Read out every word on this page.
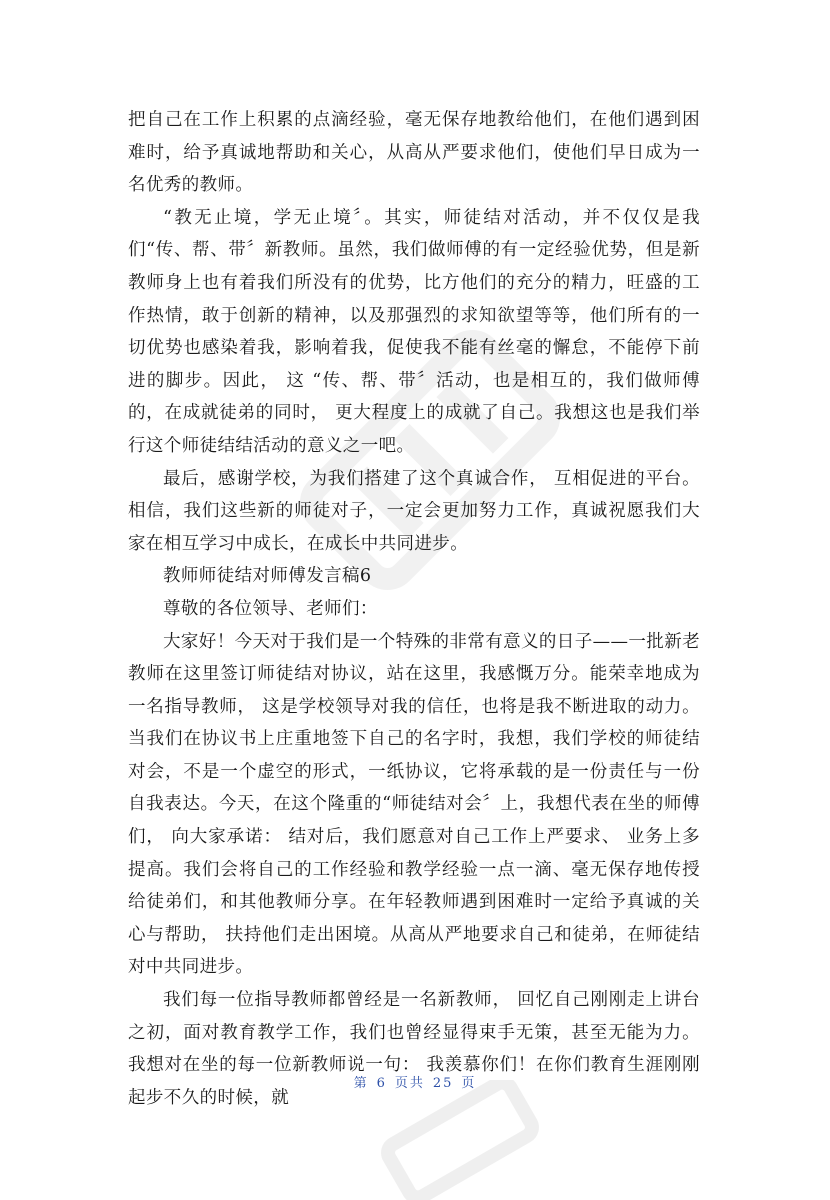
把自己在工作上积累的点滴经验，毫无保存地教给他们，在他们遇到困难时，给予真诚地帮助和关心，从高从严要求他们，使他们早日成为一名优秀的教师。

“教无止境，学无止境〞。其实，师徒结对活动，并不仅仅是我们“传、帮、带〞新教师。虽然，我们做师傅的有一定经验优势，但是新教师身上也有着我们所没有的优势，比方他们的充分的精力，旺盛的工作热情，敢于创新的精神，以及那强烈的求知欲望等等，他们所有的一切优势也感染着我，影响着我，促使我不能有丝毫的懈怠，不能停下前进的脚步。因此， 这 “传、帮、带〞活动，也是相互的，我们做师傅的，在成就徒弟的同时， 更大程度上的成就了自己。我想这也是我们举行这个师徒结结活动的意义之一吧。

最后，感谢学校，为我们搭建了这个真诚合作， 互相促进的平台。相信，我们这些新的师徒对子，一定会更加努力工作，真诚祝愿我们大家在相互学习中成长，在成长中共同进步。

教师师徒结对师傅发言稿6

尊敬的各位领导、老师们：

大家好！今天对于我们是一个特殊的非常有意义的日子——一批新老教师在这里签订师徒结对协议，站在这里，我感慨万分。能荣幸地成为一名指导教师， 这是学校领导对我的信任，也将是我不断进取的动力。 当我们在协议书上庄重地签下自己的名字时，我想，我们学校的师徒结对会，不是一个虚空的形式，一纸协议，它将承载的是一份责任与一份自我表达。今天，在这个隆重的“师徒结对会〞上，我想代表在坐的师傅们， 向大家承诺： 结对后，我们愿意对自己工作上严要求、 业务上多提高。我们会将自己的工作经验和教学经验一点一滴、毫无保存地传授给徒弟们，和其他教师分享。在年轻教师遇到困难时一定给予真诚的关心与帮助， 扶持他们走出困境。从高从严地要求自己和徒弟，在师徒结对中共同进步。

我们每一位指导教师都曾经是一名新教师， 回忆自己刚刚走上讲台之初，面对教育教学工作，我们也曾经显得束手无策，甚至无能为力。我想对在坐的每一位新教师说一句： 我羡慕你们！在你们教育生涯刚刚起步不久的时候，就

第 6 页共 25 页
